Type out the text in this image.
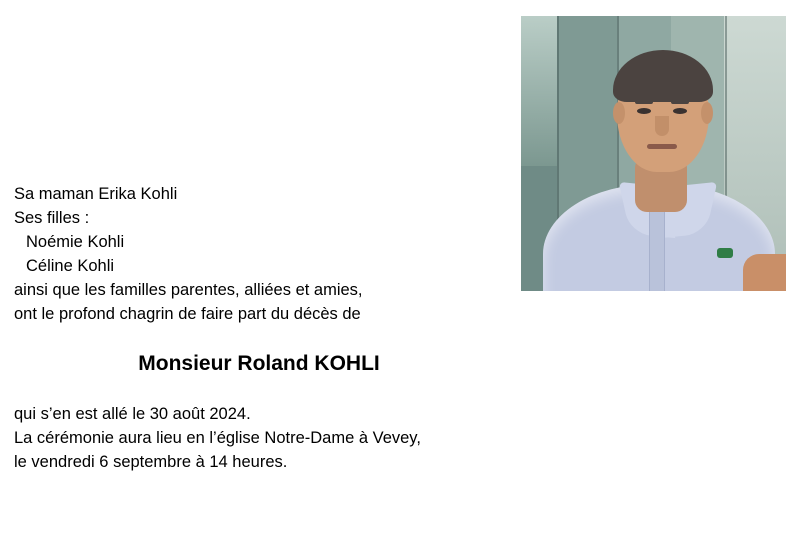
Sa maman Erika Kohli
Ses filles :
Noémie Kohli
Céline Kohli
ainsi que les familles parentes, alliées et amies,
ont le profond chagrin de faire part du décès de
Monsieur Roland KOHLI
qui s’en est allé le 30 août 2024.
La cérémonie aura lieu en l’église Notre-Dame à Vevey,
le vendredi 6 septembre à 14 heures.
